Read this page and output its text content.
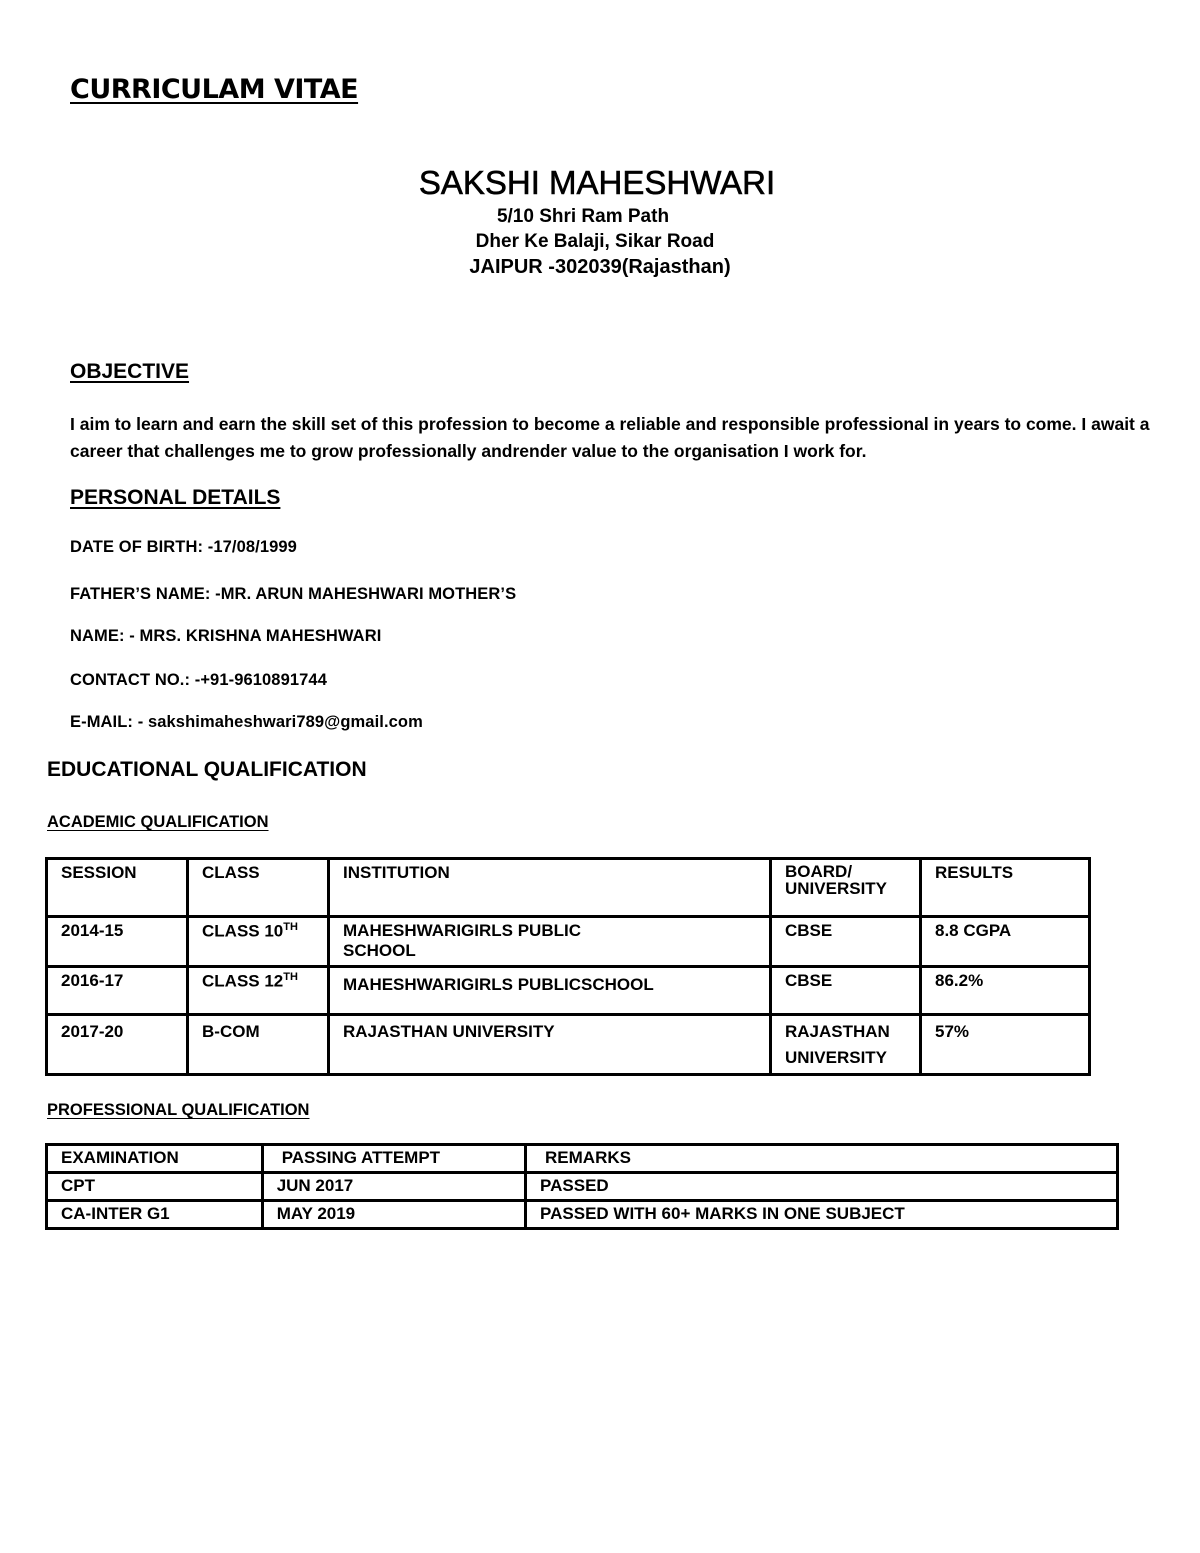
CURRICULAM VITAE
SAKSHI MAHESHWARI
5/10 Shri Ram Path
Dher Ke Balaji, Sikar Road
JAIPUR -302039(Rajasthan)
OBJECTIVE
I aim to learn and earn the skill set of this profession to become a reliable and responsible professional in years to come. I await a career that challenges me to grow professionally andrender value to the organisation I work for.
PERSONAL DETAILS
DATE OF BIRTH: -17/08/1999
FATHER’S NAME: -MR. ARUN MAHESHWARI MOTHER’S
NAME: - MRS. KRISHNA MAHESHWARI
CONTACT NO.: -+91-9610891744
E-MAIL: - sakshimaheshwari789@gmail.com
EDUCATIONAL QUALIFICATION
ACADEMIC QUALIFICATION
SESSION	CLASS	INSTITUTION	BOARD/ UNIVERSITY	RESULTS
2014-15	CLASS 10TH	MAHESHWARIGIRLS PUBLIC SCHOOL	CBSE	8.8 CGPA
2016-17	CLASS 12TH	MAHESHWARIGIRLS PUBLICSCHOOL	CBSE	86.2%
2017-20	B-COM	RAJASTHAN UNIVERSITY	RAJASTHAN UNIVERSITY	57%
PROFESSIONAL QUALIFICATION
EXAMINATION	PASSING ATTEMPT	REMARKS
CPT	JUN 2017	PASSED
CA-INTER G1	MAY 2019	PASSED WITH 60+ MARKS IN ONE SUBJECT
